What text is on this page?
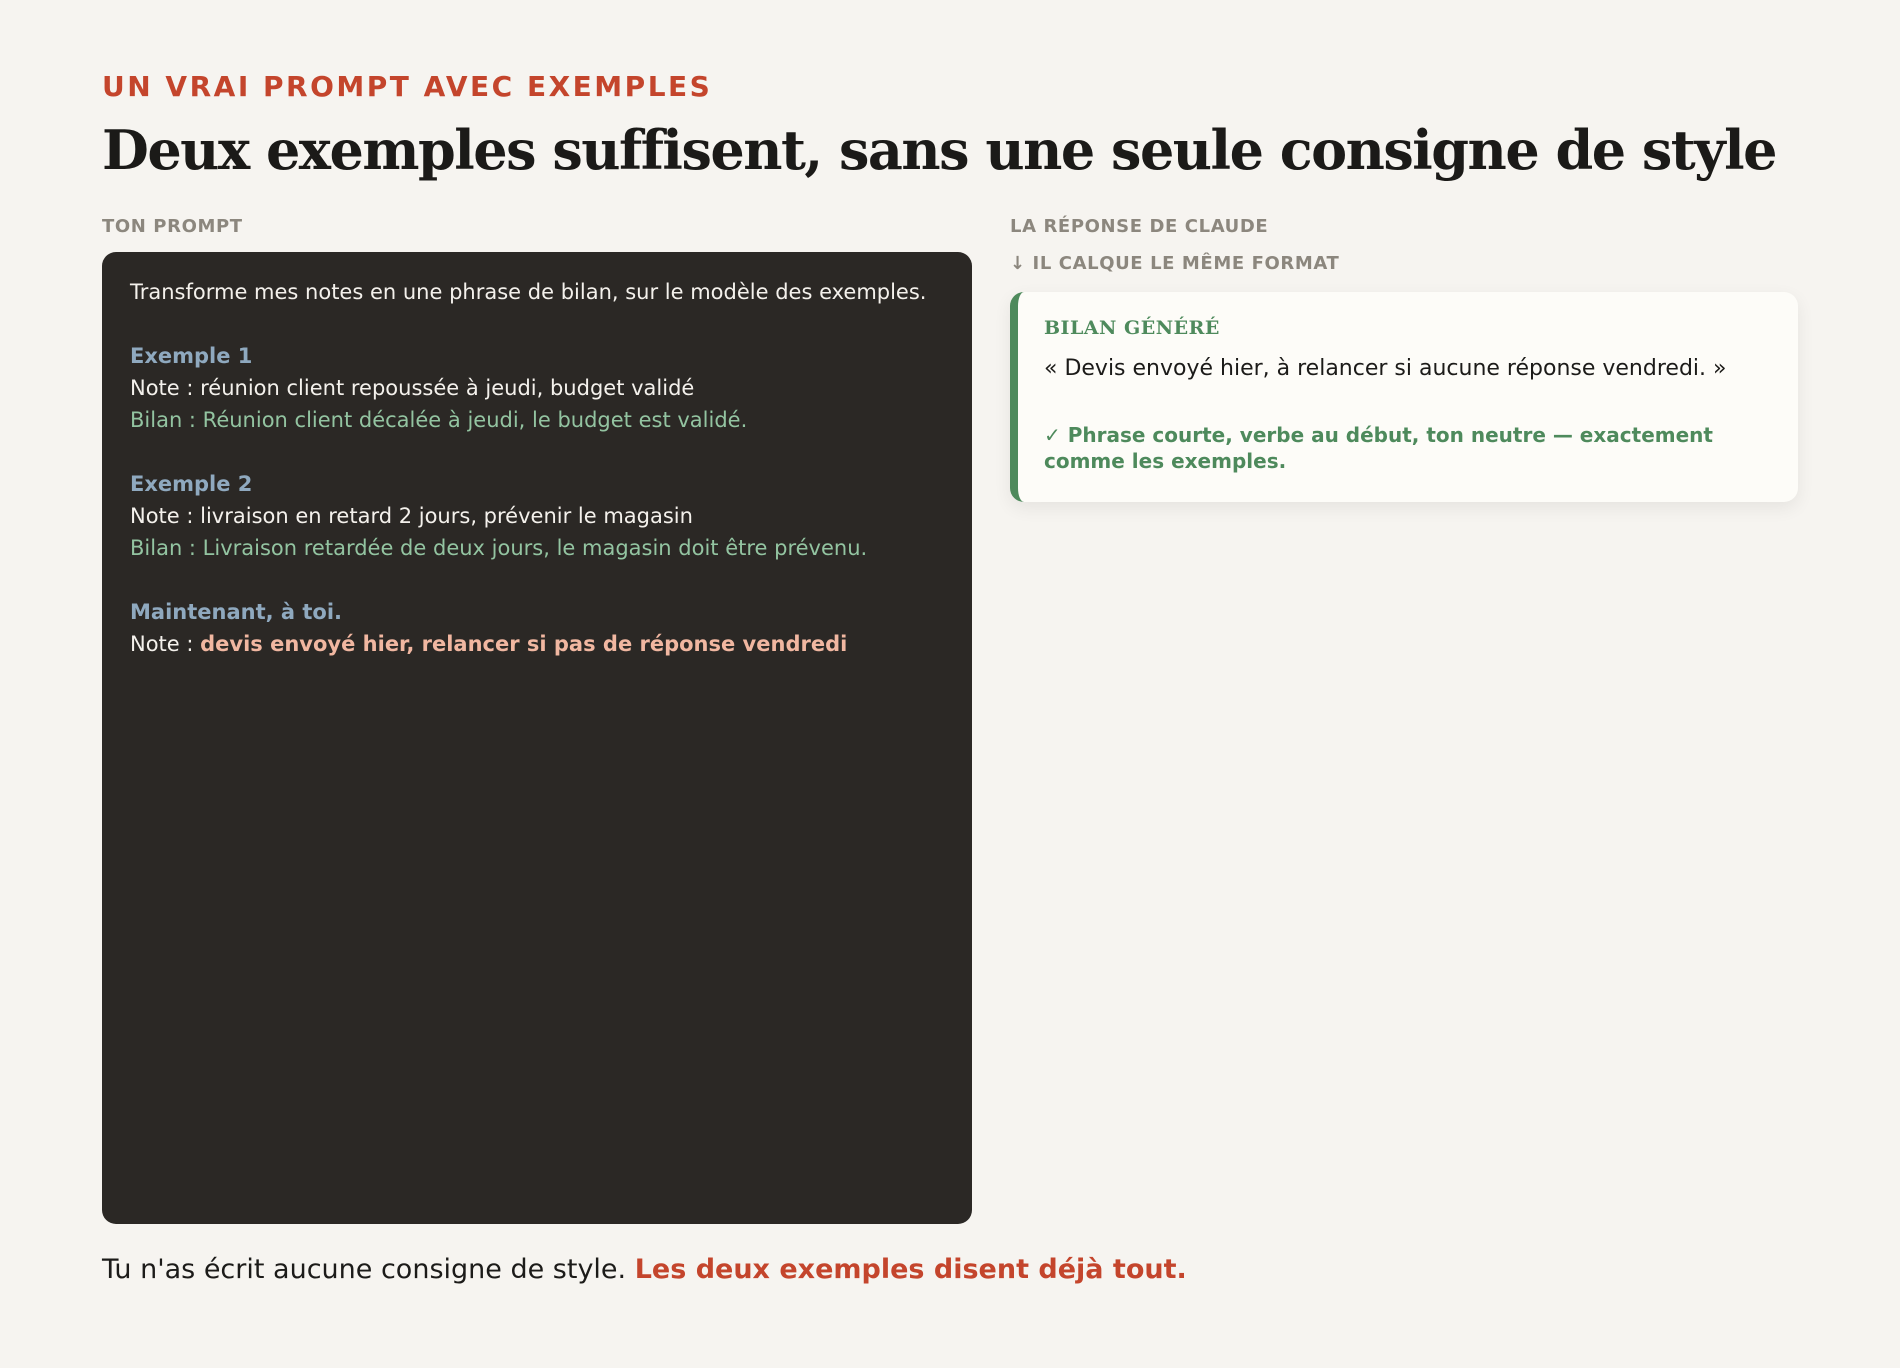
UN VRAI PROMPT AVEC EXEMPLES
Deux exemples suffisent, sans une seule consigne de style
TON PROMPT	LA RÉPONSE DE CLAUDE
↓ IL CALQUE LE MÊME FORMAT

Transforme mes notes en une phrase de bilan, sur le modèle des exemples.

Exemple 1

Note : réunion client repoussée à jeudi, budget validé

Bilan : Réunion client décalée à jeudi, le budget est validé.

Exemple 2

Note : livraison en retard 2 jours, prévenir le magasin

Bilan : Livraison retardée de deux jours, le magasin doit être prévenu.

Maintenant, à toi.

Note : devis envoyé hier, relancer si pas de réponse vendredi

BILAN GÉNÉRÉ
« Devis envoyé hier, à relancer si aucune réponse vendredi. »
✓ Phrase courte, verbe au début, ton neutre — exactement comme les exemples.
Tu n'as écrit aucune consigne de style. Les deux exemples disent déjà tout.
